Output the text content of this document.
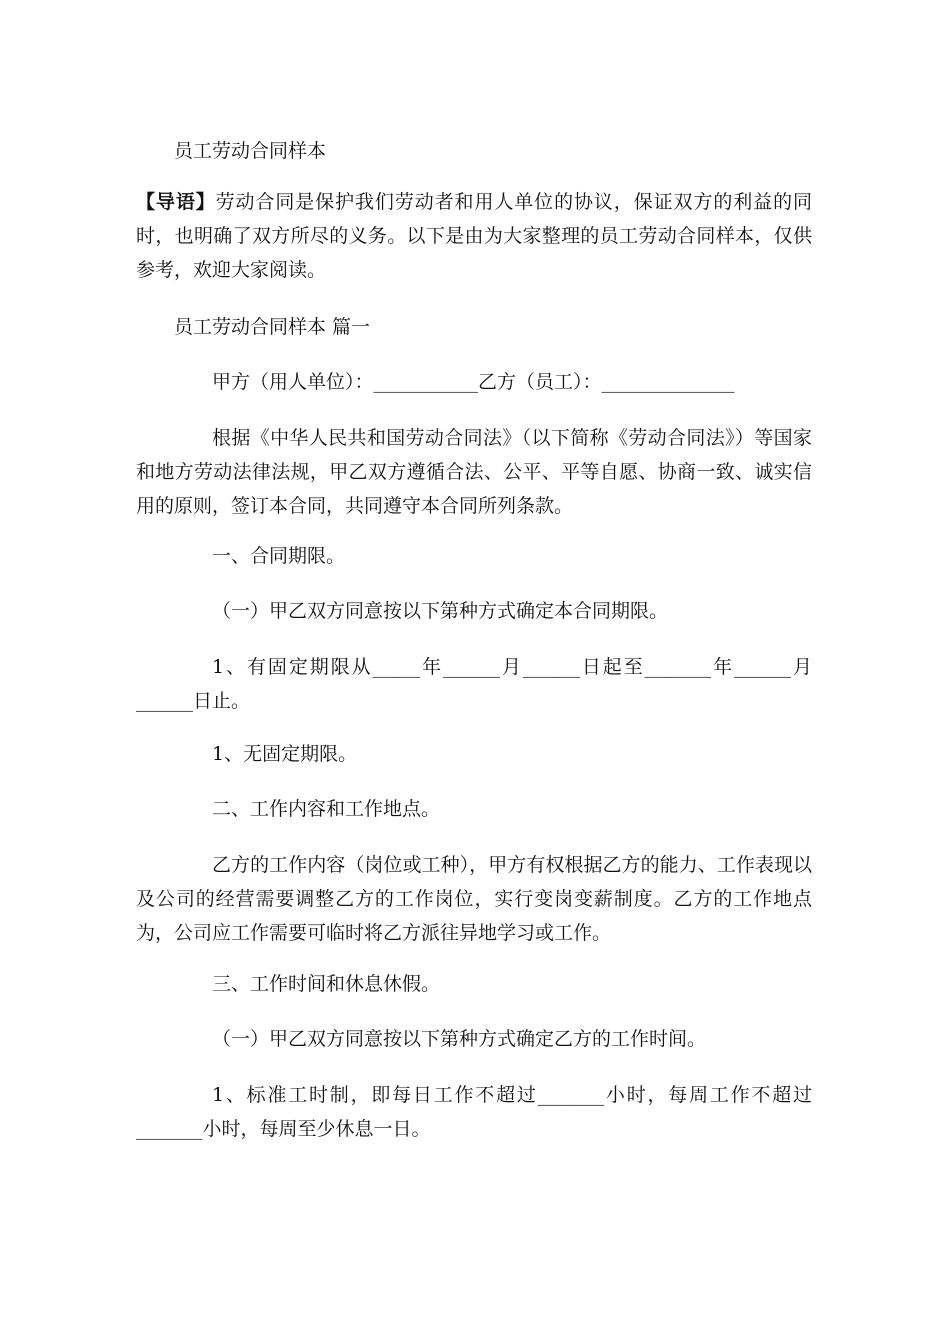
员工劳动合同样本
【导语】劳动合同是保护我们劳动者和用人单位的协议，保证双方的利益的同时，也明确了双方所尽的义务。以下是由为大家整理的员工劳动合同样本，仅供参考，欢迎大家阅读。
员工劳动合同样本 篇一
甲方（用人单位）：___________乙方（员工）：______________
根据《中华人民共和国劳动合同法》（以下简称《劳动合同法》）等国家和地方劳动法律法规，甲乙双方遵循合法、公平、平等自愿、协商一致、诚实信用的原则，签订本合同，共同遵守本合同所列条款。
一、合同期限。
（一）甲乙双方同意按以下第种方式确定本合同期限。
1、有固定期限从_____年______月______日起至_______年______月______日止。
1、无固定期限。
二、工作内容和工作地点。
乙方的工作内容（岗位或工种），甲方有权根据乙方的能力、工作表现以及公司的经营需要调整乙方的工作岗位，实行变岗变薪制度。乙方的工作地点为，公司应工作需要可临时将乙方派往异地学习或工作。
三、工作时间和休息休假。
（一）甲乙双方同意按以下第种方式确定乙方的工作时间。
1、标准工时制，即每日工作不超过_______小时，每周工作不超过_______小时，每周至少休息一日。
